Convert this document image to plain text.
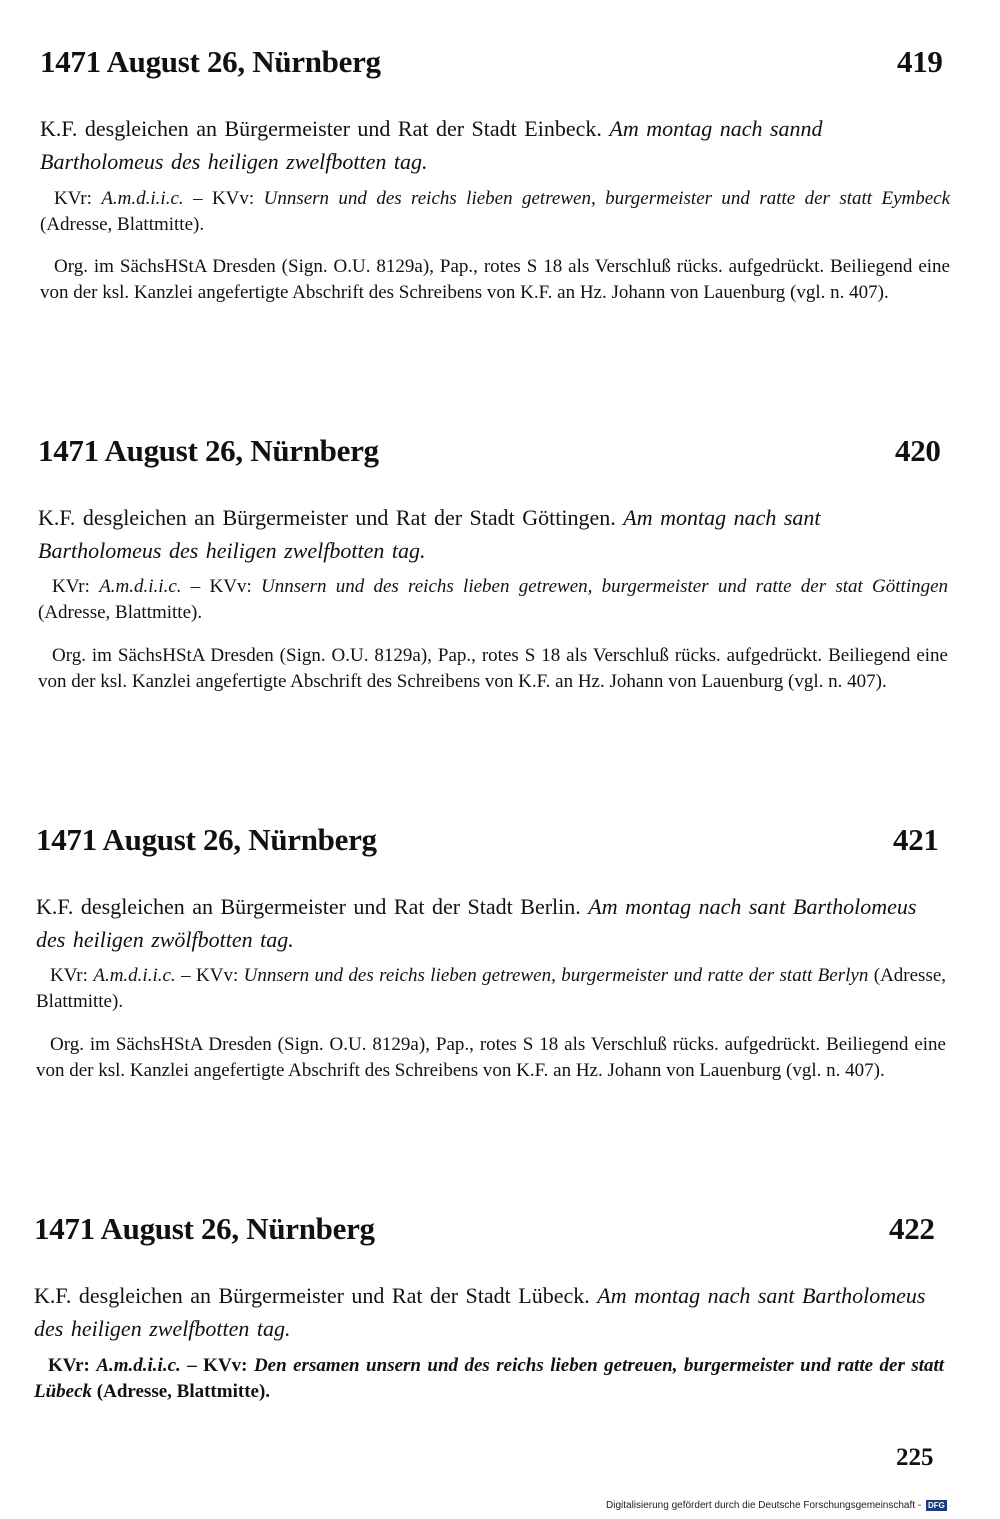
1471 August 26, Nürnberg	419
K.F. desgleichen an Bürgermeister und Rat der Stadt Einbeck. Am montag nach sannd Bartholomeus des heiligen zwelfbotten tag.
KVr: A.m.d.i.i.c. – KVv: Unnsern und des reichs lieben getrewen, burgermeister und ratte der statt Eymbeck (Adresse, Blattmitte).
Org. im SächsHStA Dresden (Sign. O.U. 8129a), Pap., rotes S 18 als Verschluß rücks. aufgedrückt. Beiliegend eine von der ksl. Kanzlei angefertigte Abschrift des Schreibens von K.F. an Hz. Johann von Lauenburg (vgl. n. 407).
1471 August 26, Nürnberg	420
K.F. desgleichen an Bürgermeister und Rat der Stadt Göttingen. Am montag nach sant Bartholomeus des heiligen zwelfbotten tag.
KVr: A.m.d.i.i.c. – KVv: Unnsern und des reichs lieben getrewen, burgermeister und ratte der stat Göttingen (Adresse, Blattmitte).
Org. im SächsHStA Dresden (Sign. O.U. 8129a), Pap., rotes S 18 als Verschluß rücks. aufgedrückt. Beiliegend eine von der ksl. Kanzlei angefertigte Abschrift des Schreibens von K.F. an Hz. Johann von Lauenburg (vgl. n. 407).
1471 August 26, Nürnberg	421
K.F. desgleichen an Bürgermeister und Rat der Stadt Berlin. Am montag nach sant Bartholomeus des heiligen zwölfbotten tag.
KVr: A.m.d.i.i.c. – KVv: Unnsern und des reichs lieben getrewen, burgermeister und ratte der statt Berlyn (Adresse, Blattmitte).
Org. im SächsHStA Dresden (Sign. O.U. 8129a), Pap., rotes S 18 als Verschluß rücks. aufgedrückt. Beiliegend eine von der ksl. Kanzlei angefertigte Abschrift des Schreibens von K.F. an Hz. Johann von Lauenburg (vgl. n. 407).
1471 August 26, Nürnberg	422
K.F. desgleichen an Bürgermeister und Rat der Stadt Lübeck. Am montag nach sant Bartholomeus des heiligen zwelfbotten tag.
KVr: A.m.d.i.i.c. – KVv: Den ersamen unsern und des reichs lieben getreuen, burgermeister und ratte der statt Lübeck (Adresse, Blattmitte).
225
Digitalisierung gefördert durch die Deutsche Forschungsgemeinschaft - DFG
